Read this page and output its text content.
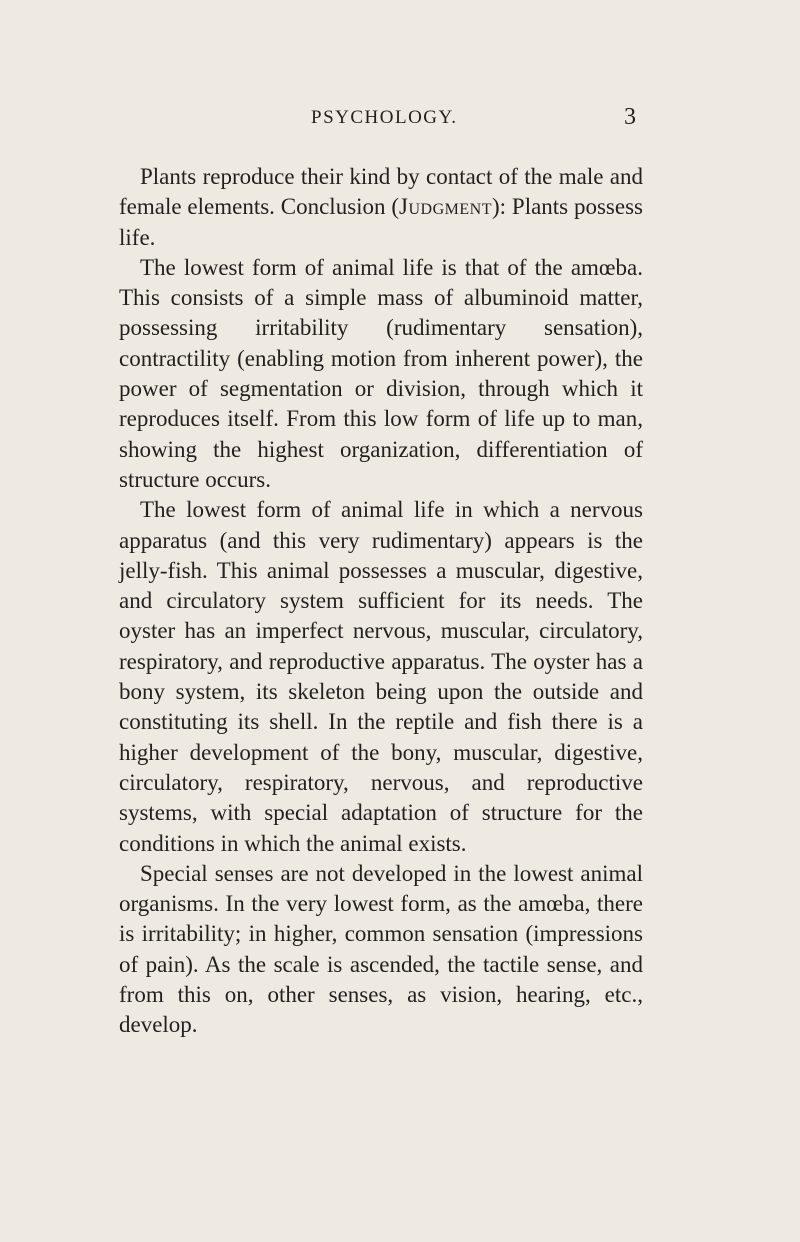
PSYCHOLOGY.	3

Plants reproduce their kind by contact of the male and female elements. Conclusion (Judgment): Plants possess life.

The lowest form of animal life is that of the amœba. This consists of a simple mass of albuminoid matter, possessing irritability (rudimentary sensation), contractility (enabling motion from inherent power), the power of segmentation or division, through which it reproduces itself. From this low form of life up to man, showing the highest organization, differentiation of structure occurs.

The lowest form of animal life in which a nervous apparatus (and this very rudimentary) appears is the jelly-fish. This animal possesses a muscular, digestive, and circulatory system sufficient for its needs. The oyster has an imperfect nervous, muscular, circulatory, respiratory, and reproductive apparatus. The oyster has a bony system, its skeleton being upon the outside and constituting its shell. In the reptile and fish there is a higher development of the bony, muscular, digestive, circulatory, respiratory, nervous, and reproductive systems, with special adaptation of structure for the conditions in which the animal exists.

Special senses are not developed in the lowest animal organisms. In the very lowest form, as the amœba, there is irritability; in higher, common sensation (impressions of pain). As the scale is ascended, the tactile sense, and from this on, other senses, as vision, hearing, etc., develop.
